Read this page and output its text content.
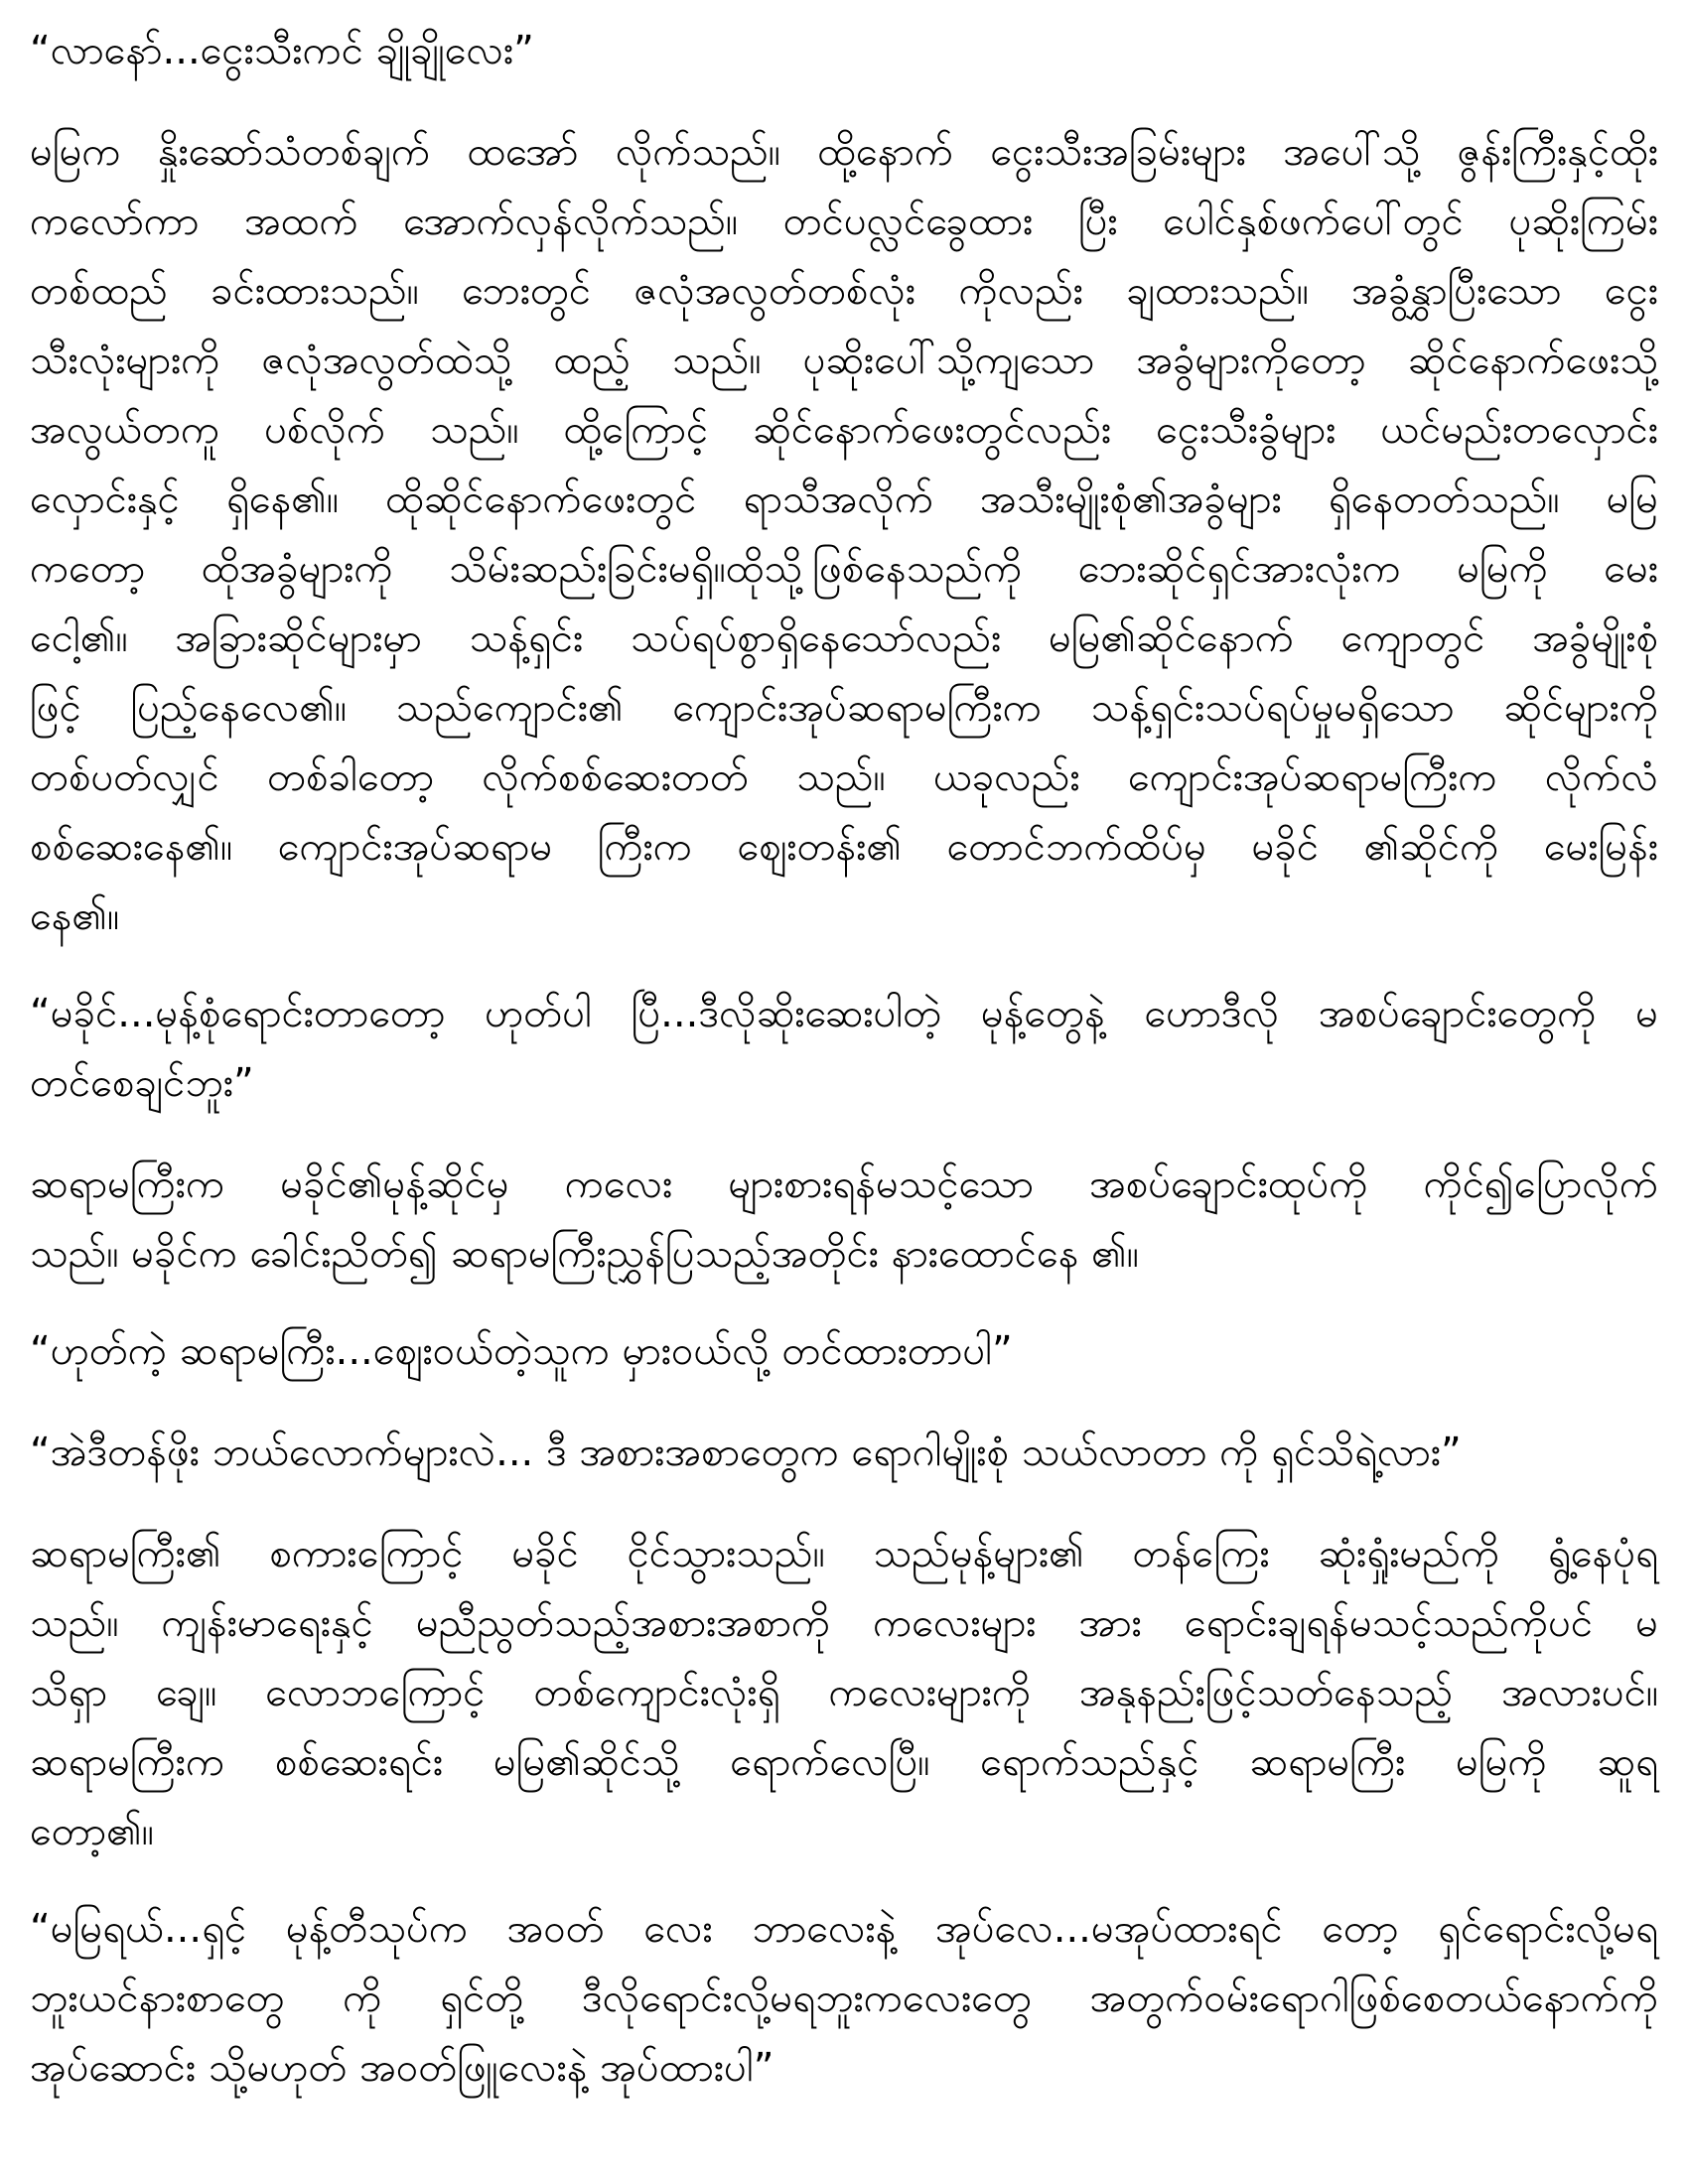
“လာနော်...ငွေးသီးကင် ချိုချိုလေး”
မမြက နှိုးဆော်သံတစ်ချက် ထအော် လိုက်သည်။ ထို့နောက် ငွေးသီးအခြမ်းများ အပေါ်သို့ ဇွန်းကြီးနှင့်ထိုး
ကလော်ကာ အထက် အောက်လှန်လိုက်သည်။ တင်ပလ္လင်ခွေထား ပြီး ပေါင်နှစ်ဖက်ပေါ်တွင် ပုဆိုးကြမ်း
တစ်ထည် ခင်းထားသည်။ ဘေးတွင် ဇလုံအလွတ်တစ်လုံး ကိုလည်း ချထားသည်။ အခွံနွှာပြီးသော ငွေး
သီးလုံးများကို ဇလုံအလွတ်ထဲသို့ ထည့် သည်။ ပုဆိုးပေါ်သို့ကျသော အခွံများကိုတော့ ဆိုင်နောက်ဖေးသို့
အလွယ်တကူ ပစ်လိုက် သည်။ ထို့ကြောင့် ဆိုင်နောက်ဖေးတွင်လည်း ငွေးသီးခွံများ ယင်မည်းတလှောင်း
လှောင်းနှင့် ရှိနေ၏။ ထိုဆိုင်နောက်ဖေးတွင် ရာသီအလိုက် အသီးမျိုးစုံ၏အခွံများ ရှိနေတတ်သည်။ မမြ
ကတော့ ထိုအခွံများကို သိမ်းဆည်းခြင်းမရှိ။ထိုသို့ဖြစ်နေသည်ကို ဘေးဆိုင်ရှင်အားလုံးက မမြကို မေး
ငေါ့၏။ အခြားဆိုင်များမှာ သန့်ရှင်း သပ်ရပ်စွာရှိနေသော်လည်း မမြ၏ဆိုင်နောက် ကျောတွင် အခွံမျိုးစုံ
ဖြင့် ပြည့်နေလေ၏။ သည်ကျောင်း၏ ကျောင်းအုပ်ဆရာမကြီးက သန့်ရှင်းသပ်ရပ်မှုမရှိသော ဆိုင်များကို
တစ်ပတ်လျှင် တစ်ခါတော့ လိုက်စစ်ဆေးတတ် သည်။ ယခုလည်း ကျောင်းအုပ်ဆရာမကြီးက လိုက်လံ
စစ်ဆေးနေ၏။ ကျောင်းအုပ်ဆရာမ ကြီးက ဈေးတန်း၏ တောင်ဘက်ထိပ်မှ မခိုင် ၏ဆိုင်ကို မေးမြန်း
နေ၏။
“မခိုင်...မုန့်စုံရောင်းတာတော့ ဟုတ်ပါ ပြီ...ဒီလိုဆိုးဆေးပါတဲ့ မုန့်တွေနဲ့ ဟောဒီလို အစပ်ချောင်းတွေကို မ
တင်စေချင်ဘူး”
ဆရာမကြီးက မခိုင်၏မုန့်ဆိုင်မှ ကလေး များစားရန်မသင့်သော အစပ်ချောင်းထုပ်ကို ကိုင်၍ပြောလိုက်
သည်။ မခိုင်က ခေါင်းညိတ်၍ ဆရာမကြီးညွှန်ပြသည့်အတိုင်း နားထောင်နေ ၏။
“ဟုတ်ကဲ့ ဆရာမကြီး...ဈေးဝယ်တဲ့သူက မှားဝယ်လို့ တင်ထားတာပါ”
“အဲဒီတန်ဖိုး ဘယ်လောက်များလဲ... ဒီ အစားအစာတွေက ရောဂါမျိုးစုံ သယ်လာတာ ကို ရှင်သိရဲ့လား”
ဆရာမကြီး၏ စကားကြောင့် မခိုင် ငိုင်သွားသည်။ သည်မုန့်များ၏ တန်ကြေး ဆုံးရှုံးမည်ကို ရွံ့နေပုံရ
သည်။ ကျန်းမာရေးနှင့် မညီညွတ်သည့်အစားအစာကို ကလေးများ အား ရောင်းချရန်မသင့်သည်ကိုပင် မ
သိရှာ ချေ။ လောဘကြောင့် တစ်ကျောင်းလုံးရှိ ကလေးများကို အနုနည်းဖြင့်သတ်နေသည့် အလားပင်။
ဆရာမကြီးက စစ်ဆေးရင်း မမြ၏ဆိုင်သို့ ရောက်လေပြီ။ ရောက်သည်နှင့် ဆရာမကြီး မမြကို ဆူရ
တော့၏။
“မမြရယ်...ရှင့် မုန့်တီသုပ်က အဝတ် လေး ဘာလေးနဲ့ အုပ်လေ...မအုပ်ထားရင် တော့ ရှင်ရောင်းလို့မရ
ဘူးယင်နားစာတွေ ကို ရှင်တို့ ဒီလိုရောင်းလို့မရဘူးကလေးတွေ အတွက်ဝမ်းရောဂါဖြစ်စေတယ်နောက်ကို
အုပ်ဆောင်း သို့မဟုတ် အဝတ်ဖြူလေးနဲ့ အုပ်ထားပါ”
